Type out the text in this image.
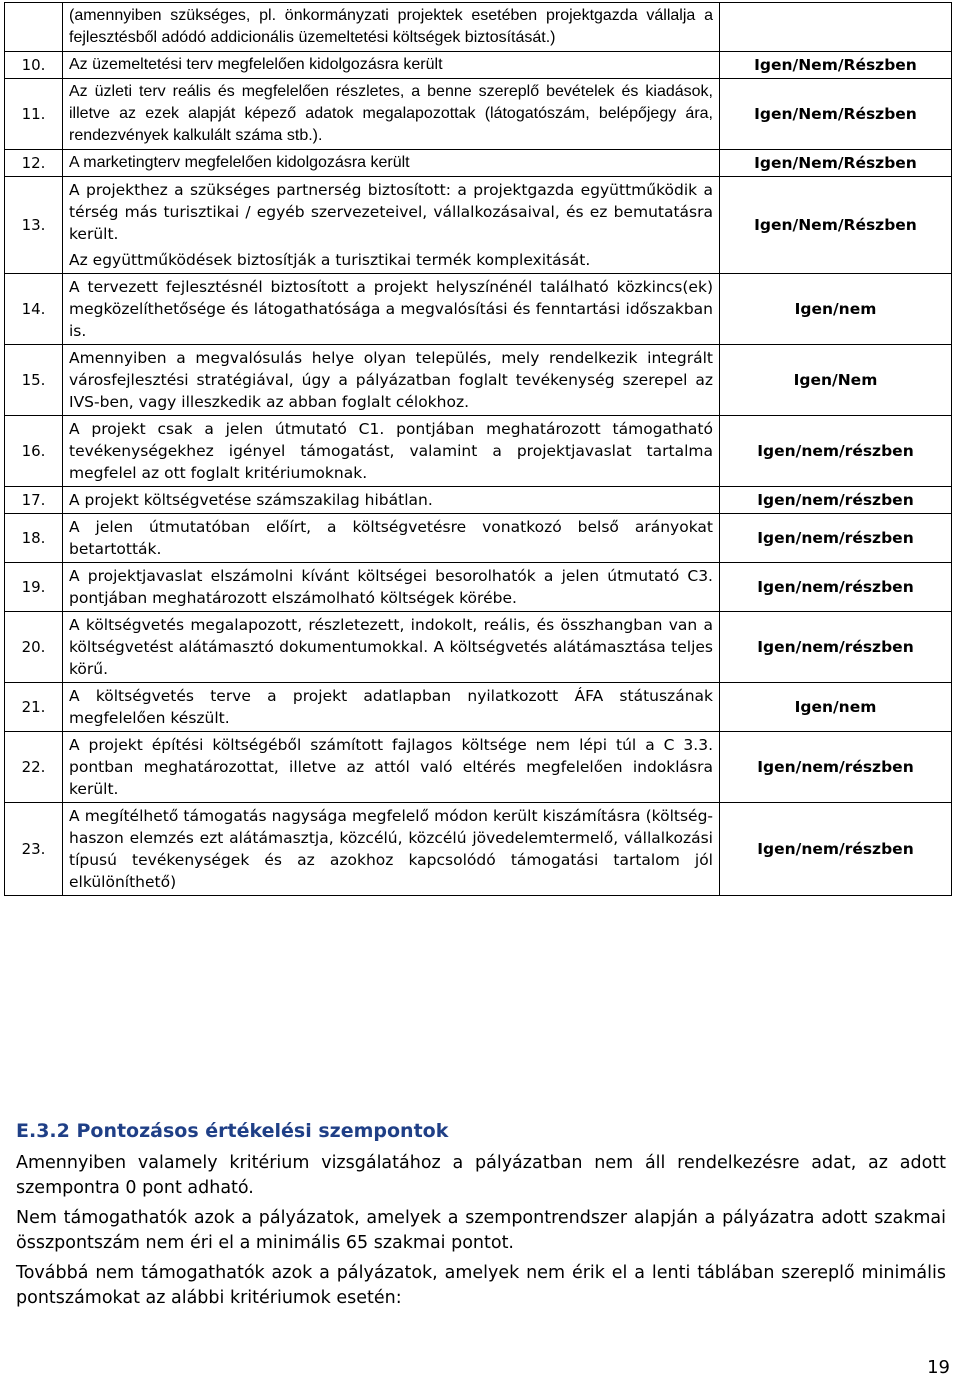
	(amennyiben szükséges, pl. önkormányzati projektek esetében projektgazda vállalja a fejlesztésből adódó addicionális üzemeltetési költségek biztosítását.)	

10.	Az üzemeltetési terv megfelelően kidolgozásra került	Igen/Nem/Részben
11.	Az üzleti terv reális és megfelelően részletes, a benne szereplő bevételek és kiadások, illetve az ezek alapját képező adatok megalapozottak (látogatószám, belépőjegy ára, rendezvények kalkulált száma stb.).	Igen/Nem/Részben
12.	A marketingterv megfelelően kidolgozásra került	Igen/Nem/Részben
13.	A projekthez a szükséges partnerség biztosított: a projektgazda együttműködik a térség más turisztikai / egyéb szervezeteivel, vállalkozásaival, és ez bemutatásra került.
Az együttműködések biztosítják a turisztikai termék komplexitását.	Igen/Nem/Részben
14.	A tervezett fejlesztésnél biztosított a projekt helyszínénél található közkincs(ek) megközelíthetősége és látogathatósága a megvalósítási és fenntartási időszakban is.	Igen/nem
15.	Amennyiben a megvalósulás helye olyan település, mely rendelkezik integrált városfejlesztési stratégiával, úgy a pályázatban foglalt tevékenység szerepel az IVS-ben, vagy illeszkedik az abban foglalt célokhoz.	Igen/Nem
16.	A projekt csak a jelen útmutató C1. pontjában meghatározott támogatható tevékenységekhez igényel támogatást, valamint a projektjavaslat tartalma megfelel az ott foglalt kritériumoknak.	Igen/nem/részben
17.	A projekt költségvetése számszakilag hibátlan.	Igen/nem/részben
18.	A jelen útmutatóban előírt, a költségvetésre vonatkozó belső arányokat betartották.	Igen/nem/részben
19.	A projektjavaslat elszámolni kívánt költségei besorolhatók a jelen útmutató C3. pontjában meghatározott elszámolható költségek körébe.	Igen/nem/részben
20.	A költségvetés megalapozott, részletezett, indokolt, reális, és összhangban van a költségvetést alátámasztó dokumentumokkal. A költségvetés alátámasztása teljes körű.	Igen/nem/részben
21.	A költségvetés terve a projekt adatlapban nyilatkozott ÁFA státuszának megfelelően készült.	Igen/nem
22.	A projekt építési költségéből számított fajlagos költsége nem lépi túl a C 3.3. pontban meghatározottat, illetve az attól való eltérés megfelelően indoklásra került.	Igen/nem/részben
23.	A megítélhető támogatás nagysága megfelelő módon került kiszámításra (költség-haszon elemzés ezt alátámasztja, közcélú, közcélú jövedelemtermelő, vállalkozási típusú tevékenységek és az azokhoz kapcsolódó támogatási tartalom jól elkülöníthető)	Igen/nem/részben
E.3.2 Pontozásos értékelési szempontok
Amennyiben valamely kritérium vizsgálatához a pályázatban nem áll rendelkezésre adat, az adott szempontra 0 pont adható.
Nem támogathatók azok a pályázatok, amelyek a szempontrendszer alapján a pályázatra adott szakmai összpontszám nem éri el a minimális 65 szakmai pontot.
Továbbá nem támogathatók azok a pályázatok, amelyek nem érik el a lenti táblában szereplő minimális pontszámokat az alábbi kritériumok esetén:
19
